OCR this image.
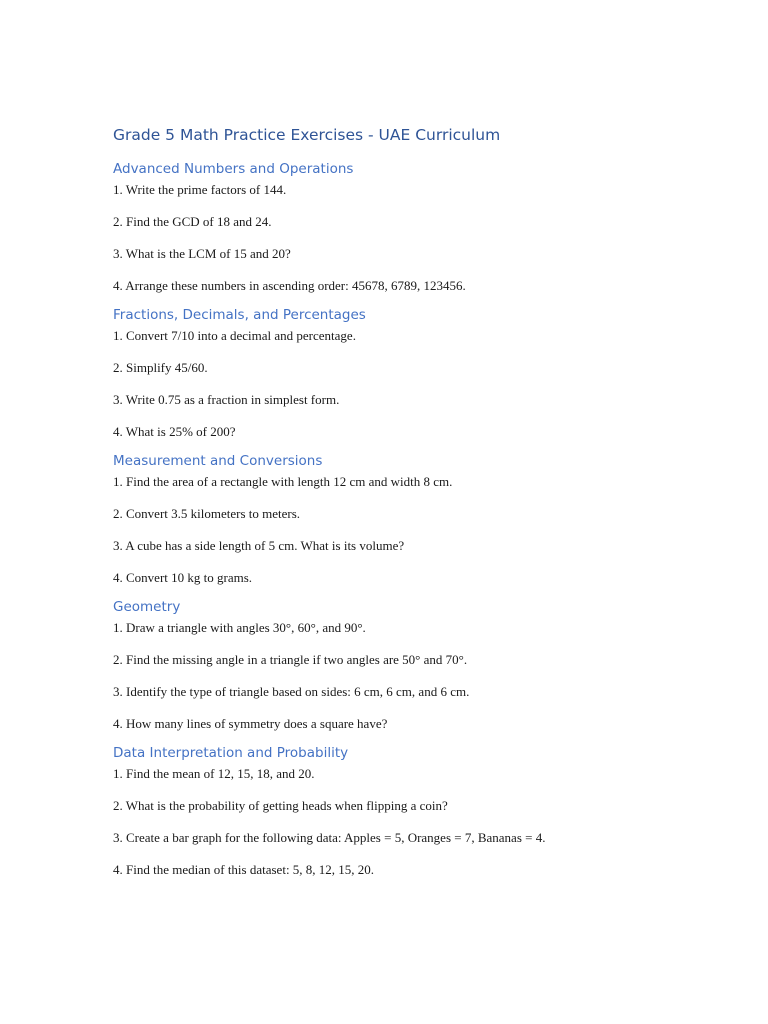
Grade 5 Math Practice Exercises - UAE Curriculum
Advanced Numbers and Operations

1. Write the prime factors of 144.

2. Find the GCD of 18 and 24.

3. What is the LCM of 15 and 20?

4. Arrange these numbers in ascending order: 45678, 6789, 123456.

Fractions, Decimals, and Percentages

1. Convert 7/10 into a decimal and percentage.

2. Simplify 45/60.

3. Write 0.75 as a fraction in simplest form.

4. What is 25% of 200?

Measurement and Conversions

1. Find the area of a rectangle with length 12 cm and width 8 cm.

2. Convert 3.5 kilometers to meters.

3. A cube has a side length of 5 cm. What is its volume?

4. Convert 10 kg to grams.

Geometry

1. Draw a triangle with angles 30°, 60°, and 90°.

2. Find the missing angle in a triangle if two angles are 50° and 70°.

3. Identify the type of triangle based on sides: 6 cm, 6 cm, and 6 cm.

4. How many lines of symmetry does a square have?

Data Interpretation and Probability

1. Find the mean of 12, 15, 18, and 20.

2. What is the probability of getting heads when flipping a coin?

3. Create a bar graph for the following data: Apples = 5, Oranges = 7, Bananas = 4.

4. Find the median of this dataset: 5, 8, 12, 15, 20.
